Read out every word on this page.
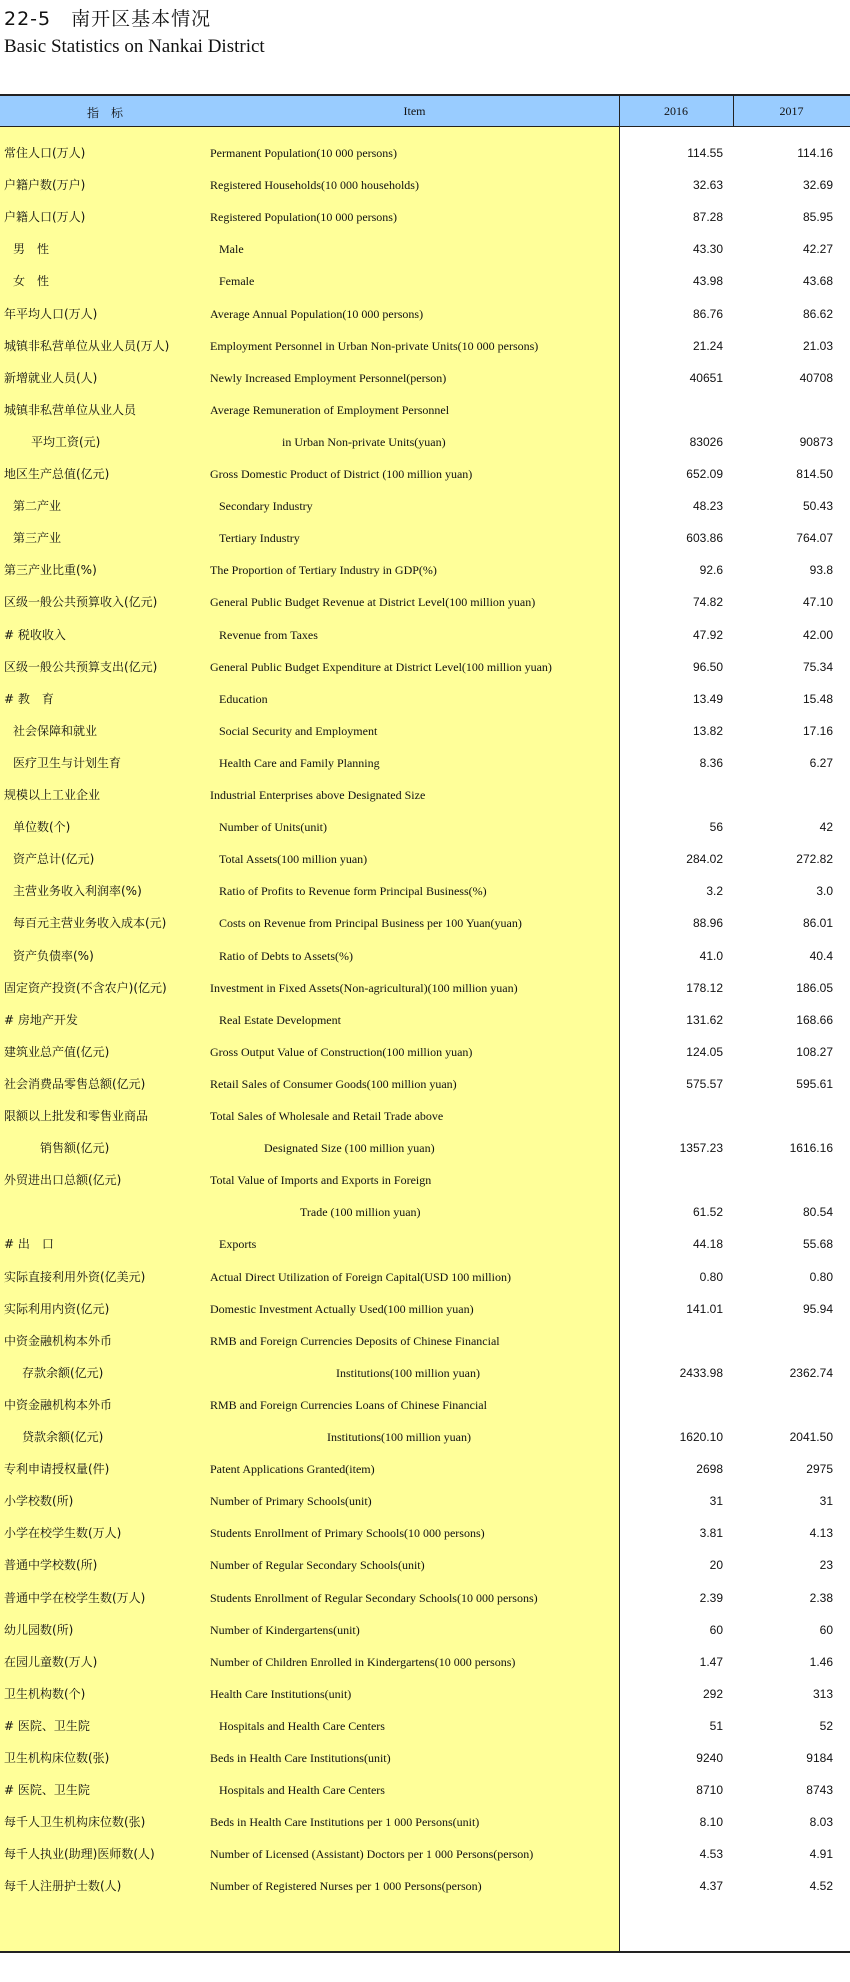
22-5　南开区基本情况
Basic Statistics on Nankai District
指　标	Item	2016	2017
常住人口(万人)	Permanent Population(10 000 persons)	114.55	114.16
户籍户数(万户)	Registered Households(10 000 households)	32.63	32.69
户籍人口(万人)	Registered Population(10 000 persons)	87.28	85.95
男　性	Male	43.30	42.27
女　性	Female	43.98	43.68
年平均人口(万人)	Average Annual Population(10 000 persons)	86.76	86.62
城镇非私营单位从业人员(万人)	Employment Personnel in Urban Non-private Units(10 000 persons)	21.24	21.03
新增就业人员(人)	Newly Increased Employment Personnel(person)	40651	40708
城镇非私营单位从业人员	Average Remuneration of Employment Personnel
平均工资(元)	in Urban Non-private Units(yuan)	83026	90873
地区生产总值(亿元)	Gross Domestic Product of District (100 million yuan)	652.09	814.50
第二产业	Secondary Industry	48.23	50.43
第三产业	Tertiary Industry	603.86	764.07
第三产业比重(%)	The Proportion of Tertiary Industry in GDP(%)	92.6	93.8
区级一般公共预算收入(亿元)	General Public Budget Revenue at District Level(100 million yuan)	74.82	47.10
# 税收收入	Revenue from Taxes	47.92	42.00
区级一般公共预算支出(亿元)	General Public Budget Expenditure at District Level(100 million yuan)	96.50	75.34
# 教　育	Education	13.49	15.48
社会保障和就业	Social Security and Employment	13.82	17.16
医疗卫生与计划生育	Health Care and Family Planning	8.36	6.27
规模以上工业企业	Industrial Enterprises above Designated Size
单位数(个)	Number of Units(unit)	56	42
资产总计(亿元)	Total Assets(100 million yuan)	284.02	272.82
主营业务收入利润率(%)	Ratio of Profits to Revenue form Principal Business(%)	3.2	3.0
每百元主营业务收入成本(元)	Costs on Revenue from Principal Business per 100 Yuan(yuan)	88.96	86.01
资产负债率(%)	Ratio of Debts to Assets(%)	41.0	40.4
固定资产投资(不含农户)(亿元)	Investment in Fixed Assets(Non-agricultural)(100 million yuan)	178.12	186.05
# 房地产开发	Real Estate Development	131.62	168.66
建筑业总产值(亿元)	Gross Output Value of Construction(100 million yuan)	124.05	108.27
社会消费品零售总额(亿元)	Retail Sales of Consumer Goods(100 million yuan)	575.57	595.61
限额以上批发和零售业商品	Total Sales of Wholesale and Retail Trade above
销售额(亿元)	Designated Size (100 million yuan)	1357.23	1616.16
外贸进出口总额(亿元)	Total Value of Imports and Exports in Foreign
Trade (100 million yuan)	61.52	80.54
# 出　口	Exports	44.18	55.68
实际直接利用外资(亿美元)	Actual Direct Utilization of Foreign Capital(USD 100 million)	0.80	0.80
实际利用内资(亿元)	Domestic Investment Actually Used(100 million yuan)	141.01	95.94
中资金融机构本外币	RMB and Foreign Currencies Deposits of Chinese Financial
存款余额(亿元)	Institutions(100 million yuan)	2433.98	2362.74
中资金融机构本外币	RMB and Foreign Currencies Loans of Chinese Financial
贷款余额(亿元)	Institutions(100 million yuan)	1620.10	2041.50
专利申请授权量(件)	Patent Applications Granted(item)	2698	2975
小学校数(所)	Number of Primary Schools(unit)	31	31
小学在校学生数(万人)	Students Enrollment of Primary Schools(10 000 persons)	3.81	4.13
普通中学校数(所)	Number of Regular Secondary Schools(unit)	20	23
普通中学在校学生数(万人)	Students Enrollment of Regular Secondary Schools(10 000 persons)	2.39	2.38
幼儿园数(所)	Number of Kindergartens(unit)	60	60
在园儿童数(万人)	Number of Children Enrolled in Kindergartens(10 000 persons)	1.47	1.46
卫生机构数(个)	Health Care Institutions(unit)	292	313
# 医院、卫生院	Hospitals and Health Care Centers	51	52
卫生机构床位数(张)	Beds in Health Care Institutions(unit)	9240	9184
# 医院、卫生院	Hospitals and Health Care Centers	8710	8743
每千人卫生机构床位数(张)	Beds in Health Care Institutions per 1 000 Persons(unit)	8.10	8.03
每千人执业(助理)医师数(人)	Number of Licensed (Assistant) Doctors per 1 000 Persons(person)	4.53	4.91
每千人注册护士数(人)	Number of Registered Nurses per 1 000 Persons(person)	4.37	4.52
